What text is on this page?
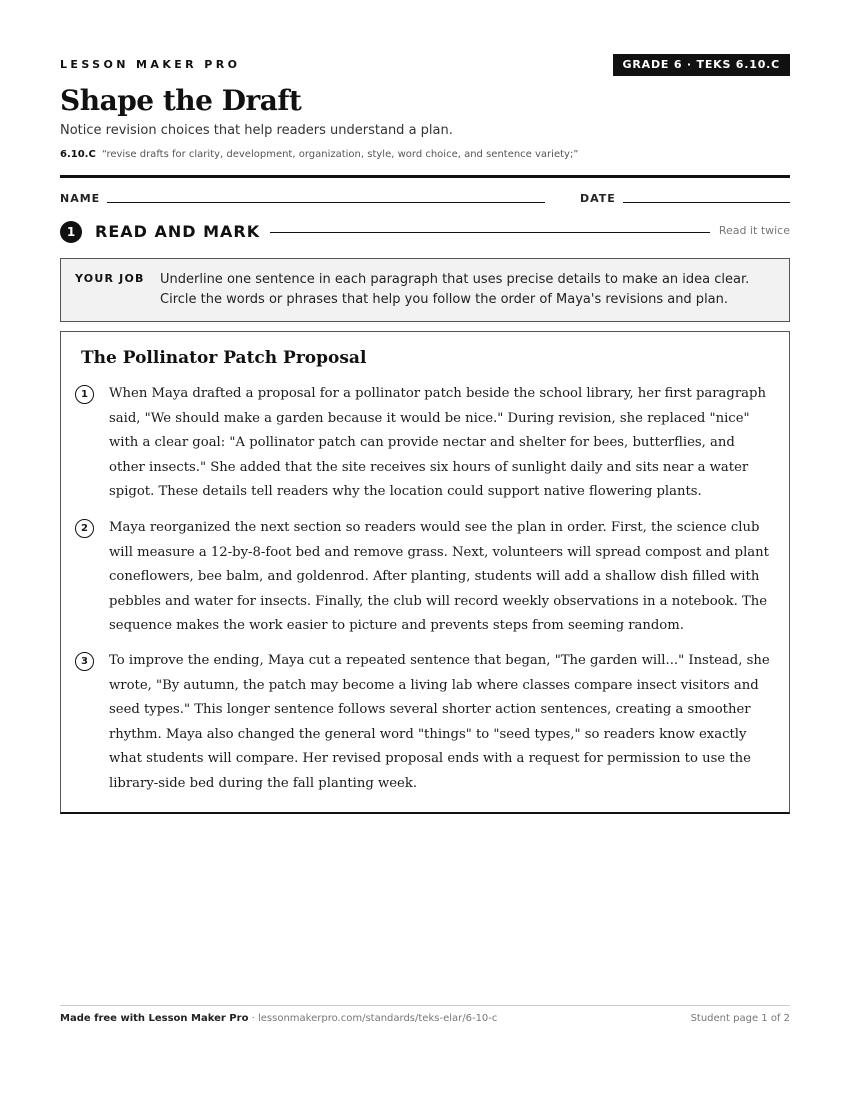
LESSON MAKER PRO	GRADE 6 · TEKS 6.10.C
Shape the Draft
Notice revision choices that help readers understand a plan.
6.10.C “revise drafts for clarity, development, organization, style, word choice, and sentence variety;”
NAME	DATE
1	READ AND MARK	Read it twice
YOUR JOB Underline one sentence in each paragraph that uses precise details to make an idea clear.
Circle the words or phrases that help you follow the order of Maya's revisions and plan.
The Pollinator Patch Proposal
1	When Maya drafted a proposal for a pollinator patch beside the school library, her first paragraph said, "We should make a garden because it would be nice." During revision, she replaced "nice" with a clear goal: "A pollinator patch can provide nectar and shelter for bees, butterflies, and other insects." She added that the site receives six hours of sunlight daily and sits near a water spigot. These details tell readers why the location could support native flowering plants.
2	Maya reorganized the next section so readers would see the plan in order. First, the science club will measure a 12-by-8-foot bed and remove grass. Next, volunteers will spread compost and plant coneflowers, bee balm, and goldenrod. After planting, students will add a shallow dish filled with pebbles and water for insects. Finally, the club will record weekly observations in a notebook. The sequence makes the work easier to picture and prevents steps from seeming random.
3	To improve the ending, Maya cut a repeated sentence that began, "The garden will..." Instead, she wrote, "By autumn, the patch may become a living lab where classes compare insect visitors and seed types." This longer sentence follows several shorter action sentences, creating a smoother rhythm. Maya also changed the general word "things" to "seed types," so readers know exactly what students will compare. Her revised proposal ends with a request for permission to use the library-side bed during the fall planting week.
Made free with Lesson Maker Pro · lessonmakerpro.com/standards/teks-elar/6-10-c	Student page 1 of 2
